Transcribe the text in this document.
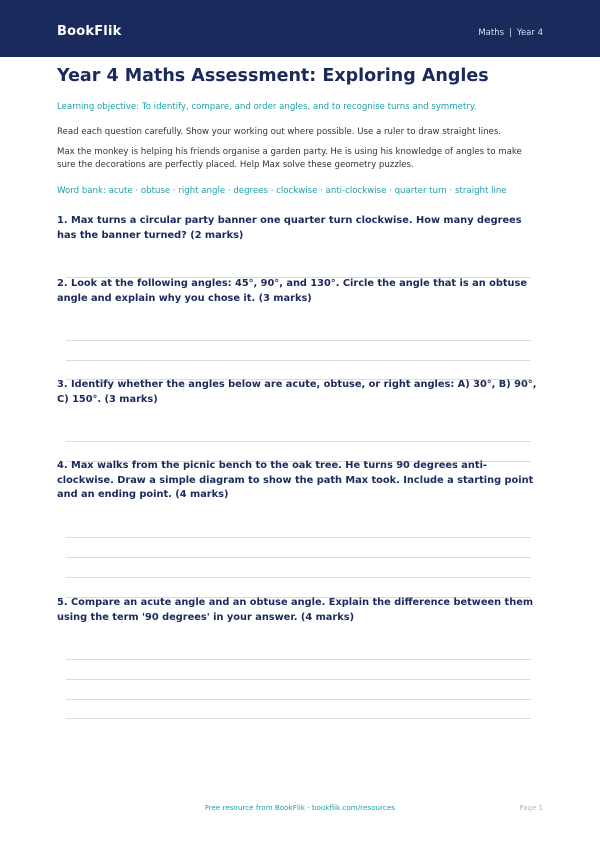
BookFlik	Maths | Year 4
Year 4 Maths Assessment: Exploring Angles
Learning objective: To identify, compare, and order angles, and to recognise turns and symmetry.
Read each question carefully. Show your working out where possible. Use a ruler to draw straight lines.
Max the monkey is helping his friends organise a garden party. He is using his knowledge of angles to make sure the decorations are perfectly placed. Help Max solve these geometry puzzles.
Word bank: acute · obtuse · right angle · degrees · clockwise · anti-clockwise · quarter turn · straight line
1. Max turns a circular party banner one quarter turn clockwise. How many degrees has the banner turned? (2 marks)
2. Look at the following angles: 45°, 90°, and 130°. Circle the angle that is an obtuse angle and explain why you chose it. (3 marks)
3. Identify whether the angles below are acute, obtuse, or right angles: A) 30°, B) 90°, C) 150°. (3 marks)
4. Max walks from the picnic bench to the oak tree. He turns 90 degrees anti-clockwise. Draw a simple diagram to show the path Max took. Include a starting point and an ending point. (4 marks)
5. Compare an acute angle and an obtuse angle. Explain the difference between them using the term '90 degrees' in your answer. (4 marks)
Free resource from BookFlik · bookflik.com/resources	Page 1
